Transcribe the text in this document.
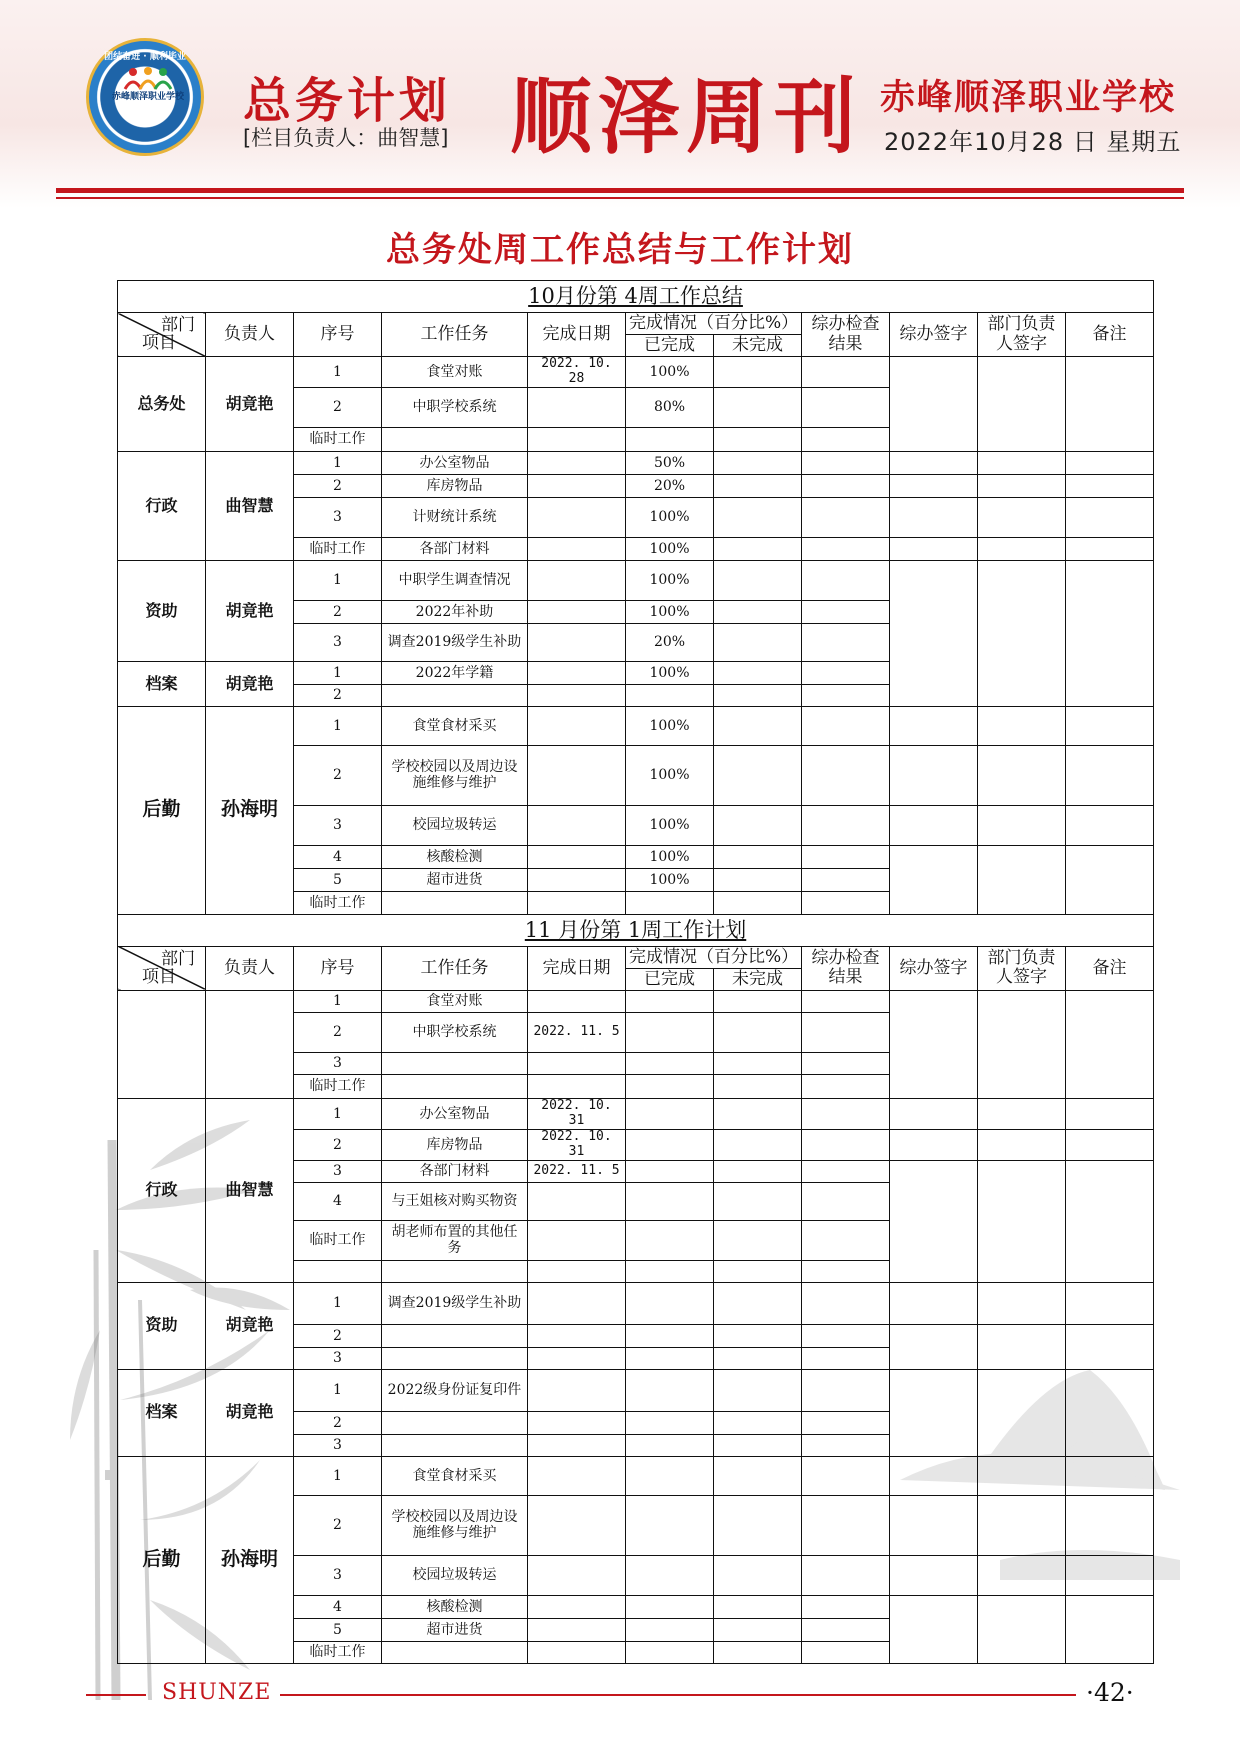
团结奋进 · 顺利毕业
赤峰顺泽职业学校 总务计划
[栏目负责人：曲智慧] 顺泽周刊 赤峰顺泽职业学校
2022年10月28 日 星期五
总务处周工作总结与工作计划
10月份第 4周工作总结										

部门
项目	负责人	序号	工作任务	完成日期	完成情况（百分比%）		综办检查结果	综办签字	部门负责人签字	备注
					已完成	未完成				
总务处	胡竟艳	1	食堂对账	2022. 10. 28	100%					
		2	中职学校系统		80%					
		临时工作								
行政	曲智慧	1	办公室物品		50%					
		2	库房物品		20%					
		3	计财统计系统		100%					
		临时工作	各部门材料		100%					
资助	胡竟艳	1	中职学生调查情况		100%					
		2	2022年补助		100%					
		3	调查2019级学生补助		20%					
档案	胡竟艳	1	2022年学籍		100%					
		2								
后勤	孙海明	1	食堂食材采买		100%					
		2	学校校园以及周边设施维修与维护		100%					
		3	校园垃圾转运		100%					
		4	核酸检测		100%					
		5	超市进货		100%					
		临时工作								
11 月份第 1周工作计划										

部门
项目	负责人	序号	工作任务	完成日期	完成情况（百分比%）		综办检查结果	综办签字	部门负责人签字	备注
					已完成	未完成				
		1	食堂对账							
		2	中职学校系统	2022. 11. 5						
		3								
		临时工作								
行政	曲智慧	1	办公室物品	2022. 10. 31						
		2	库房物品	2022. 10. 31						
		3	各部门材料	2022. 11. 5						
		4	与王姐核对购买物资							
		临时工作	胡老师布置的其他任务							

资助	胡竟艳	1	调查2019级学生补助							
		2								
		3								
档案	胡竟艳	1	2022级身份证复印件							
		2								
		3								
后勤	孙海明	1	食堂食材采买							
		2	学校校园以及周边设施维修与维护							
		3	校园垃圾转运							
		4	核酸检测							
		5	超市进货							
		临时工作								
SHUNZE	·42·
